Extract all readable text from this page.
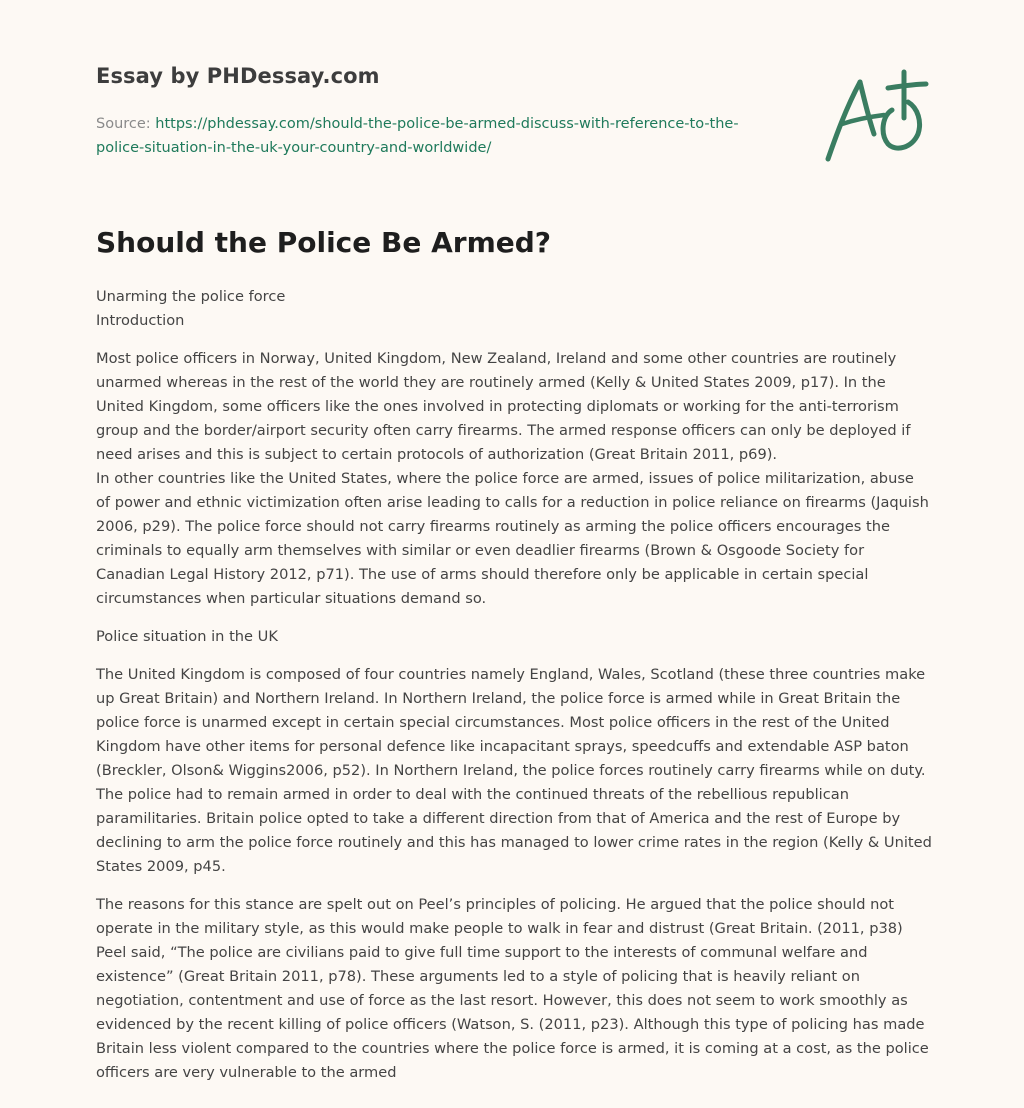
Essay by PHDessay.com
Source: https://phdessay.com/should-the-police-be-armed-discuss-with-reference-to-the-police-situation-in-the-uk-your-country-and-worldwide/
Should the Police Be Armed?

Unarming the police force
Introduction

Most police officers in Norway, United Kingdom, New Zealand, Ireland and some other countries are routinely unarmed whereas in the rest of the world they are routinely armed (Kelly & United States 2009, p17). In the United Kingdom, some officers like the ones involved in protecting diplomats or working for the anti-terrorism group and the border/airport security often carry firearms. The armed response officers can only be deployed if need arises and this is subject to certain protocols of authorization (Great Britain 2011, p69).

In other countries like the United States, where the police force are armed, issues of police militarization, abuse of power and ethnic victimization often arise leading to calls for a reduction in police reliance on firearms (Jaquish 2006, p29). The police force should not carry firearms routinely as arming the police officers encourages the criminals to equally arm themselves with similar or even deadlier firearms (Brown & Osgoode Society for Canadian Legal History 2012, p71). The use of arms should therefore only be applicable in certain special circumstances when particular situations demand so.

Police situation in the UK

The United Kingdom is composed of four countries namely England, Wales, Scotland (these three countries make up Great Britain) and Northern Ireland. In Northern Ireland, the police force is armed while in Great Britain the police force is unarmed except in certain special circumstances. Most police officers in the rest of the United Kingdom have other items for personal defence like incapacitant sprays, speedcuffs and extendable ASP baton (Breckler, Olson& Wiggins2006, p52). In Northern Ireland, the police forces routinely carry firearms while on duty. The police had to remain armed in order to deal with the continued threats of the rebellious republican paramilitaries. Britain police opted to take a different direction from that of America and the rest of Europe by declining to arm the police force routinely and this has managed to lower crime rates in the region (Kelly & United States 2009, p45.

The reasons for this stance are spelt out on Peel’s principles of policing. He argued that the police should not operate in the military style, as this would make people to walk in fear and distrust (Great Britain. (2011, p38) Peel said, “The police are civilians paid to give full time support to the interests of communal welfare and existence” (Great Britain 2011, p78). These arguments led to a style of policing that is heavily reliant on negotiation, contentment and use of force as the last resort. However, this does not seem to work smoothly as evidenced by the recent killing of police officers (Watson, S. (2011, p23). Although this type of policing has made Britain less violent compared to the countries where the police force is armed, it is coming at a cost, as the police officers are very vulnerable to the armed
